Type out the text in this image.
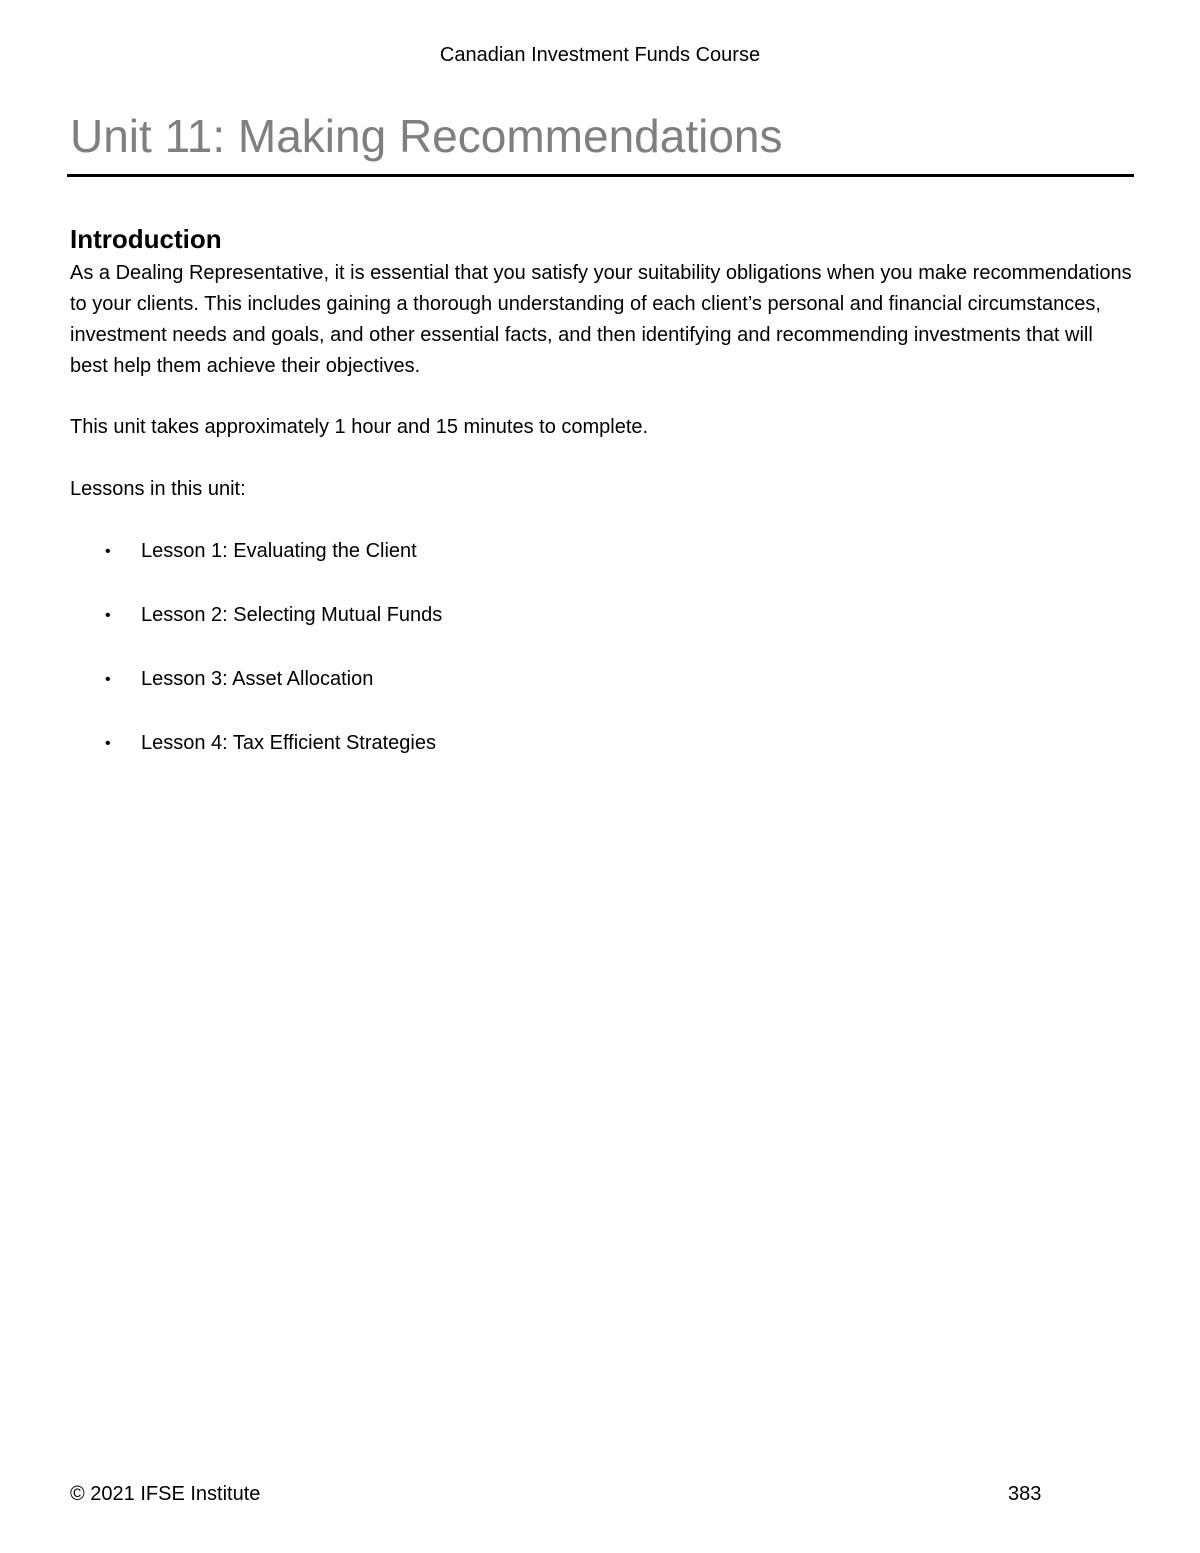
Canadian Investment Funds Course
Unit 11: Making Recommendations
Introduction

As a Dealing Representative, it is essential that you satisfy your suitability obligations when you make recommendations to your clients. This includes gaining a thorough understanding of each client’s personal and financial circumstances, investment needs and goals, and other essential facts, and then identifying and recommending investments that will best help them achieve their objectives.

This unit takes approximately 1 hour and 15 minutes to complete.

Lessons in this unit:

• Lesson 1: Evaluating the Client
• Lesson 2: Selecting Mutual Funds
• Lesson 3: Asset Allocation
• Lesson 4: Tax Efficient Strategies
© 2021 IFSE Institute	383
